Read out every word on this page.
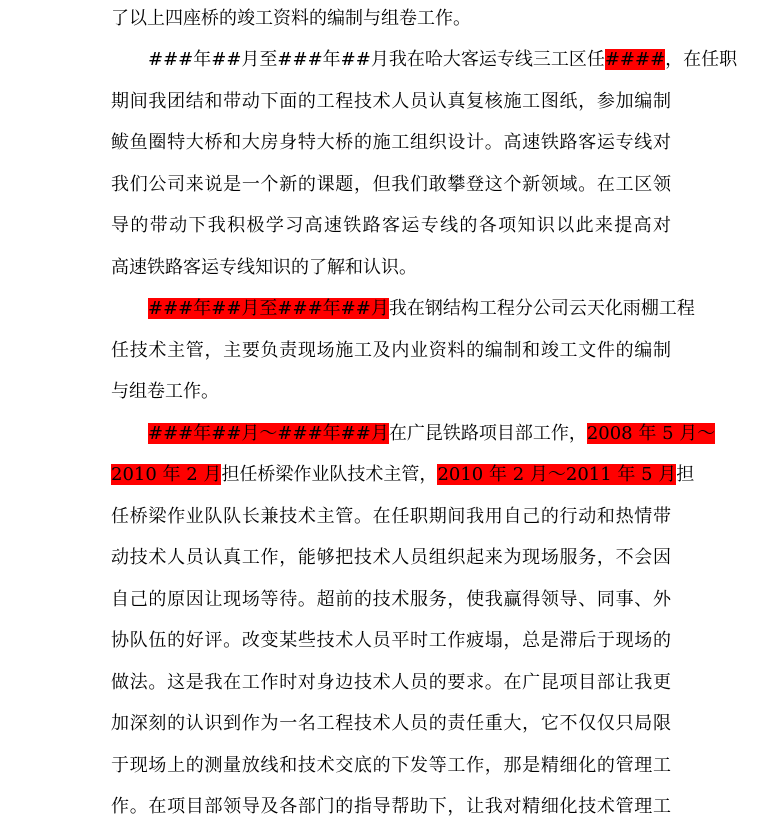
了以上四座桥的竣工资料的编制与组卷工作。
###年##月至###年##月我在哈大客运专线三工区任####，在任职
期间我团结和带动下面的工程技术人员认真复核施工图纸，参加编制
鲅鱼圈特大桥和大房身特大桥的施工组织设计。高速铁路客运专线对
我们公司来说是一个新的课题，但我们敢攀登这个新领域。在工区领
导的带动下我积极学习高速铁路客运专线的各项知识以此来提高对
高速铁路客运专线知识的了解和认识。
###年##月至###年##月我在钢结构工程分公司云天化雨棚工程
任技术主管，主要负责现场施工及内业资料的编制和竣工文件的编制
与组卷工作。
###年##月～###年##月在广昆铁路项目部工作，2008 年 5 月～
2010 年 2 月担任桥梁作业队技术主管，2010 年 2 月～2011 年 5 月担
任桥梁作业队队长兼技术主管。在任职期间我用自己的行动和热情带
动技术人员认真工作，能够把技术人员组织起来为现场服务，不会因
自己的原因让现场等待。超前的技术服务，使我赢得领导、同事、外
协队伍的好评。改变某些技术人员平时工作疲塌，总是滞后于现场的
做法。这是我在工作时对身边技术人员的要求。在广昆项目部让我更
加深刻的认识到作为一名工程技术人员的责任重大，它不仅仅只局限
于现场上的测量放线和技术交底的下发等工作，那是精细化的管理工
作。在项目部领导及各部门的指导帮助下，让我对精细化技术管理工
